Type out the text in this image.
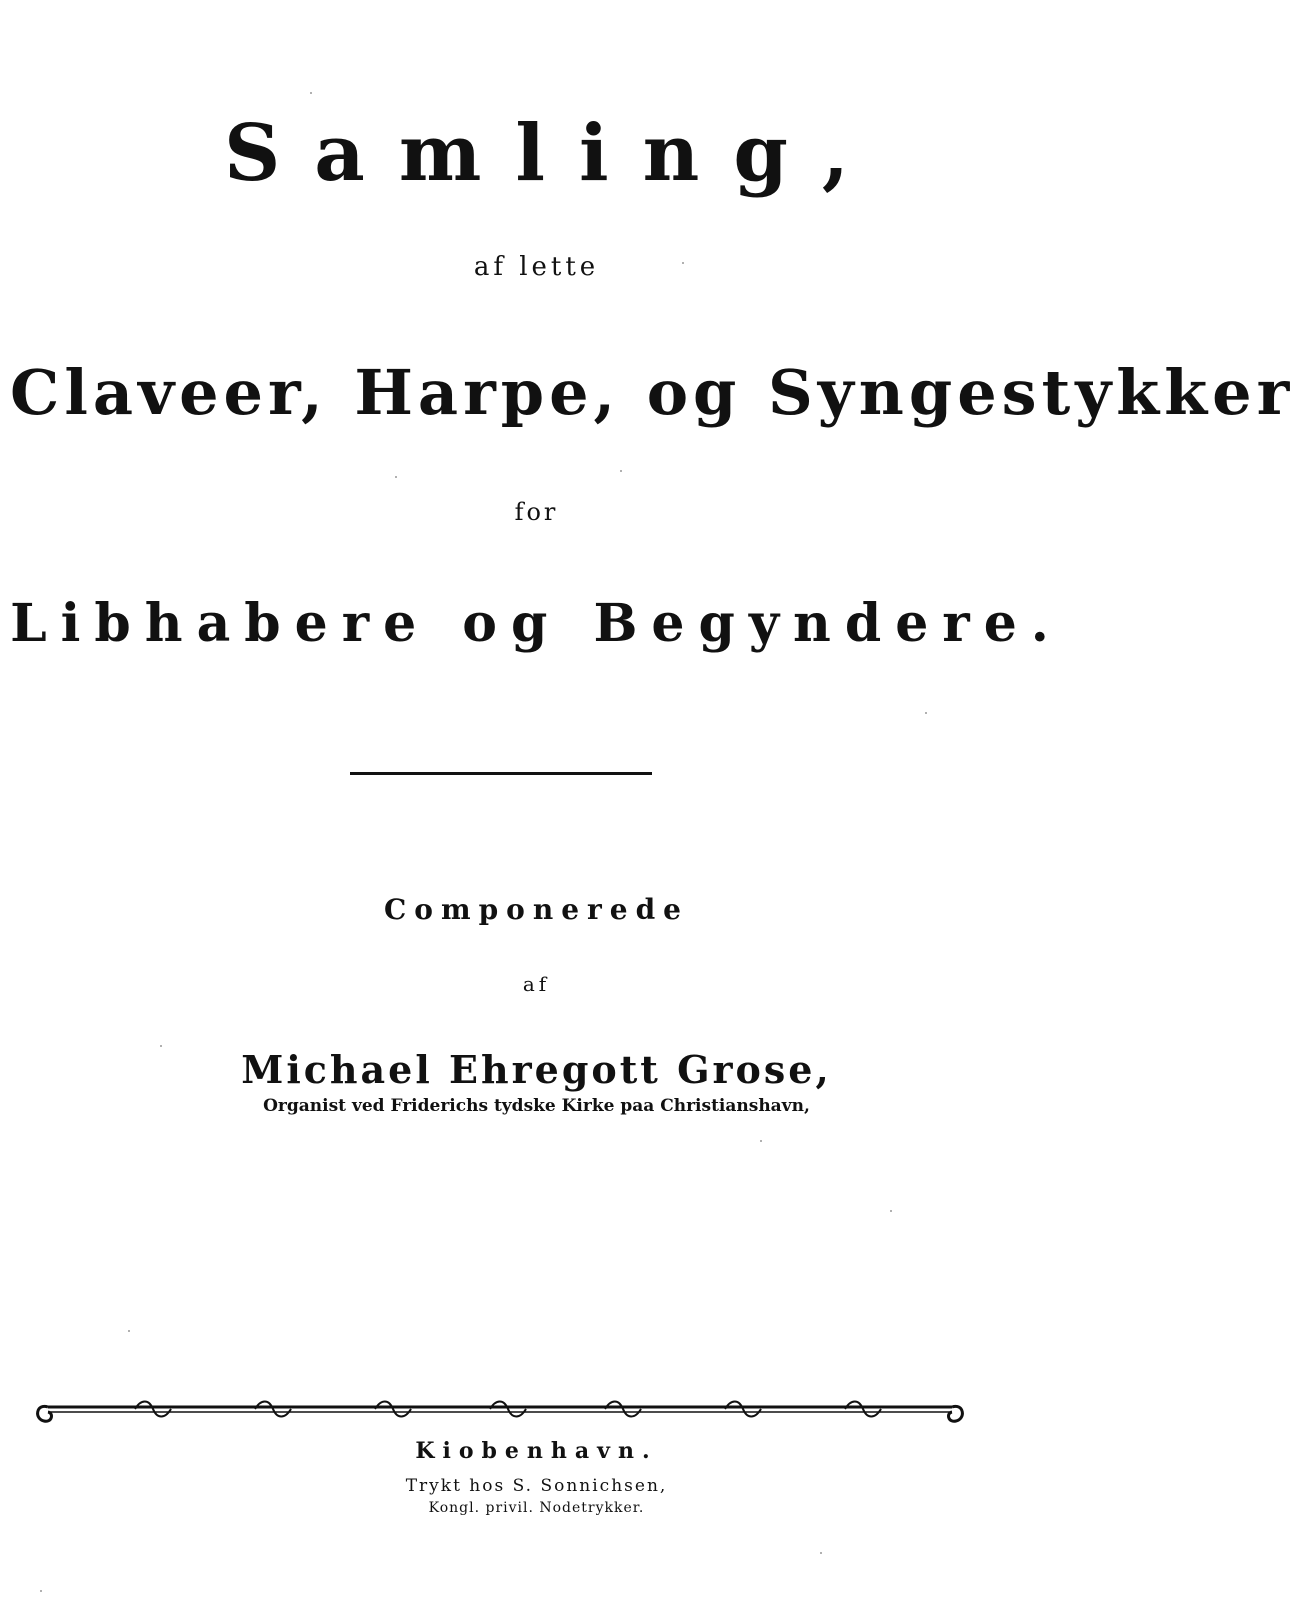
Samling,
af lette
Claveer, Harpe, og Syngestykker
for
Libhabere og Begyndere.
Componerede
af
Michael Ehregott Grose,
Organist ved Friderichs tydske Kirke paa Christianshavn,
Kiobenhavn.
Trykt hos S. Sonnichsen,
Kongl. privil. Nodetrykker.
